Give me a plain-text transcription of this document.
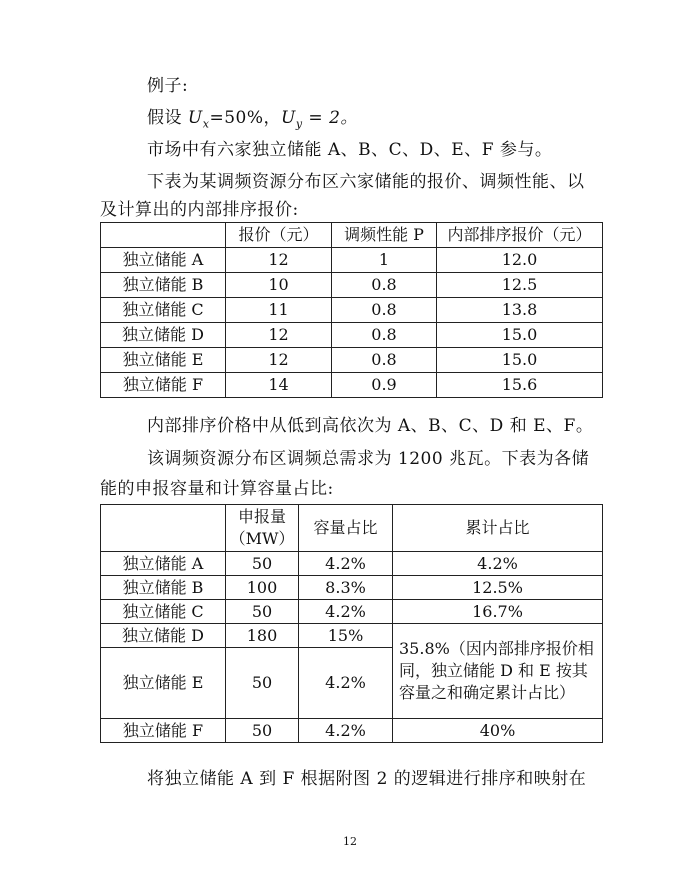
例子:
假设 $U_x=50\%$，$U_y = 2$。
市场中有六家独立储能 A、B、C、D、E、F 参与。
下表为某调频资源分布区六家储能的报价、调频性能、以
及计算出的内部排序报价:
	报价（元）	调频性能 P	内部排序报价（元）
独立储能 A	12	1	12.0
独立储能 B	10	0.8	12.5
独立储能 C	11	0.8	13.8
独立储能 D	12	0.8	15.0
独立储能 E	12	0.8	15.0
独立储能 F	14	0.9	15.6
内部排序价格中从低到高依次为 A、B、C、D 和 E、F。
该调频资源分布区调频总需求为 1200 兆瓦。下表为各储
能的申报容量和计算容量占比:
	申报量（MW）	容量占比	累计占比
独立储能 A	50	4.2%	4.2%
独立储能 B	100	8.3%	12.5%
独立储能 C	50	4.2%	16.7%
独立储能 D	180	15%	35.8%（因内部排序报价相同，独立储能 D 和 E 按其容量之和确定累计占比）
独立储能 E	50	4.2%	
独立储能 F	50	4.2%	40%
将独立储能 A 到 F 根据附图 2 的逻辑进行排序和映射在
12
